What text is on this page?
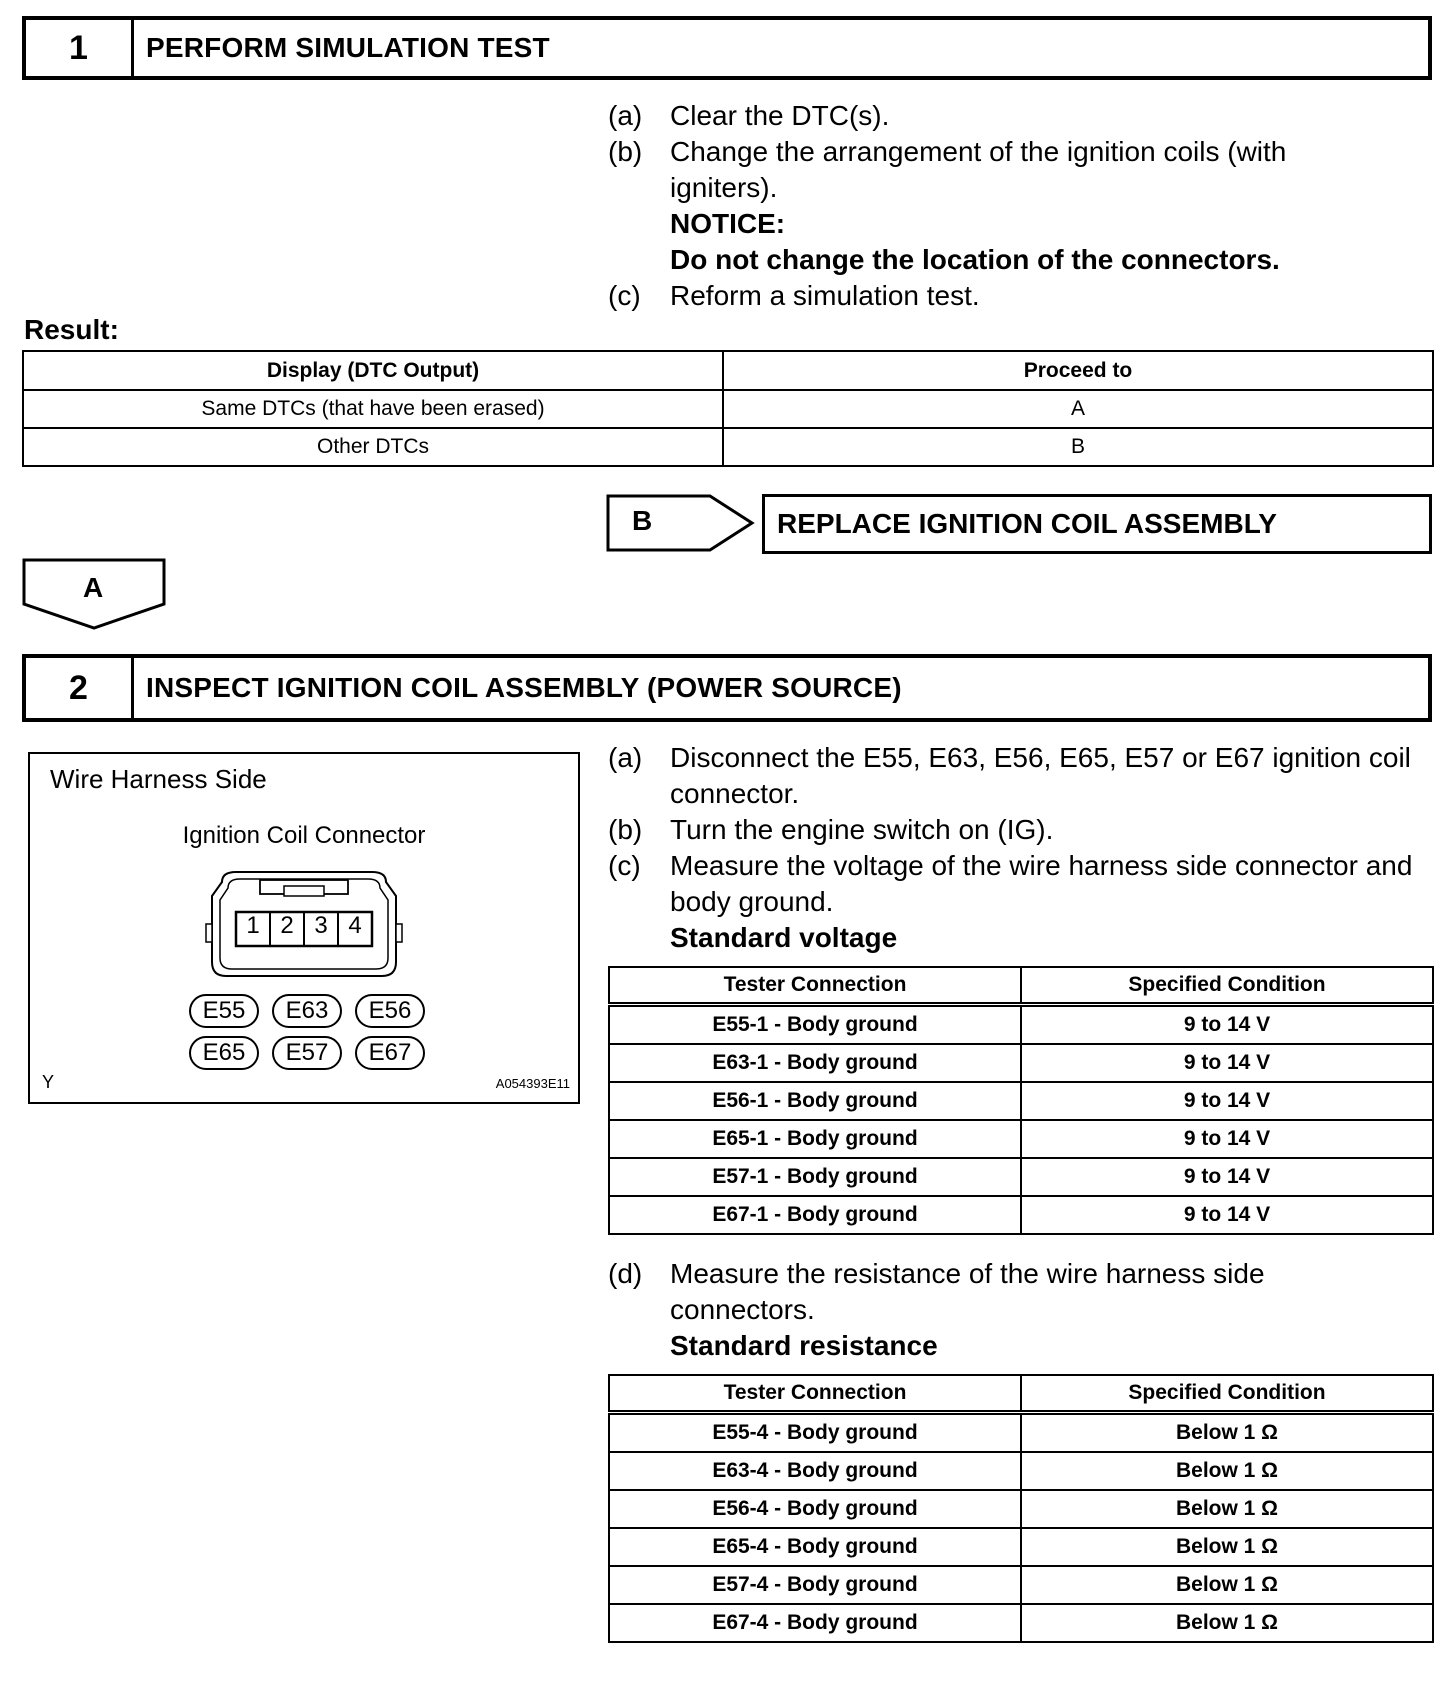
1	PERFORM SIMULATION TEST
(a) Clear the DTC(s).
(b) Change the arrangement of the ignition coils (with igniters).
NOTICE:
Do not change the location of the connectors.
(c) Reform a simulation test.
Result:
Display (DTC Output)	Proceed to
Same DTCs (that have been erased)	A
Other DTCs	B
B	REPLACE IGNITION COIL ASSEMBLY
A
2	INSPECT IGNITION COIL ASSEMBLY (POWER SOURCE)
Wire Harness Side
Ignition Coil Connector
1 2 3 4
E55	E63	E56
E65	E57	E67
Y	A054393E11
(a) Disconnect the E55, E63, E56, E65, E57 or E67 ignition coil connector.
(b) Turn the engine switch on (IG).
(c) Measure the voltage of the wire harness side connector and body ground.
Standard voltage
Tester Connection	Specified Condition
E55-1 - Body ground	9 to 14 V
E63-1 - Body ground	9 to 14 V
E56-1 - Body ground	9 to 14 V
E65-1 - Body ground	9 to 14 V
E57-1 - Body ground	9 to 14 V
E67-1 - Body ground	9 to 14 V
(d) Measure the resistance of the wire harness side connectors.
Standard resistance
Tester Connection	Specified Condition
E55-4 - Body ground	Below 1 Ω
E63-4 - Body ground	Below 1 Ω
E56-4 - Body ground	Below 1 Ω
E65-4 - Body ground	Below 1 Ω
E57-4 - Body ground	Below 1 Ω
E67-4 - Body ground	Below 1 Ω
